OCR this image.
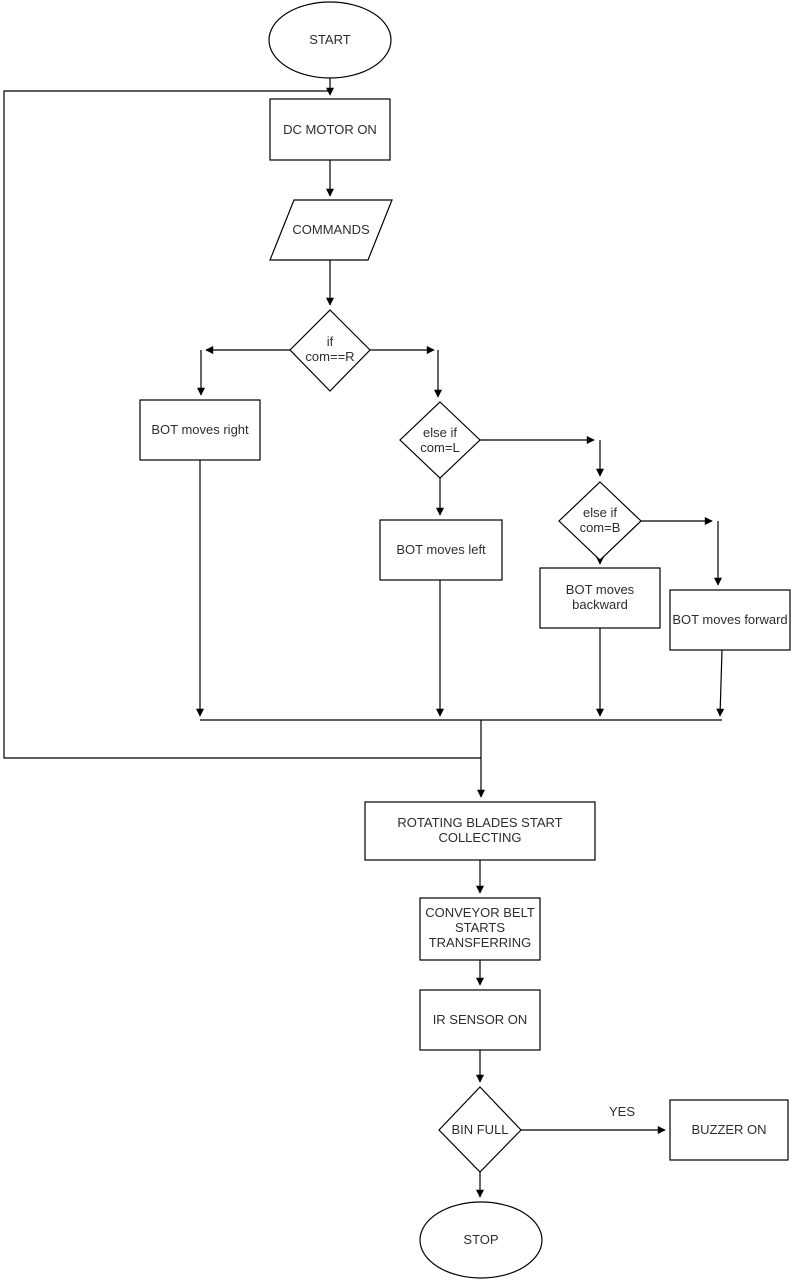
YES
START
DC MOTOR ON
COMMANDS
if
com==R
BOT moves right	else if
com=L
BOT moves left
else if
com=B
BOT moves
backward
BOT moves forward
ROTATING BLADES START
COLLECTING
CONVEYOR BELT
STARTS
TRANSFERRING
IR SENSOR ON
BIN FULL	BUZZER ON
STOP
